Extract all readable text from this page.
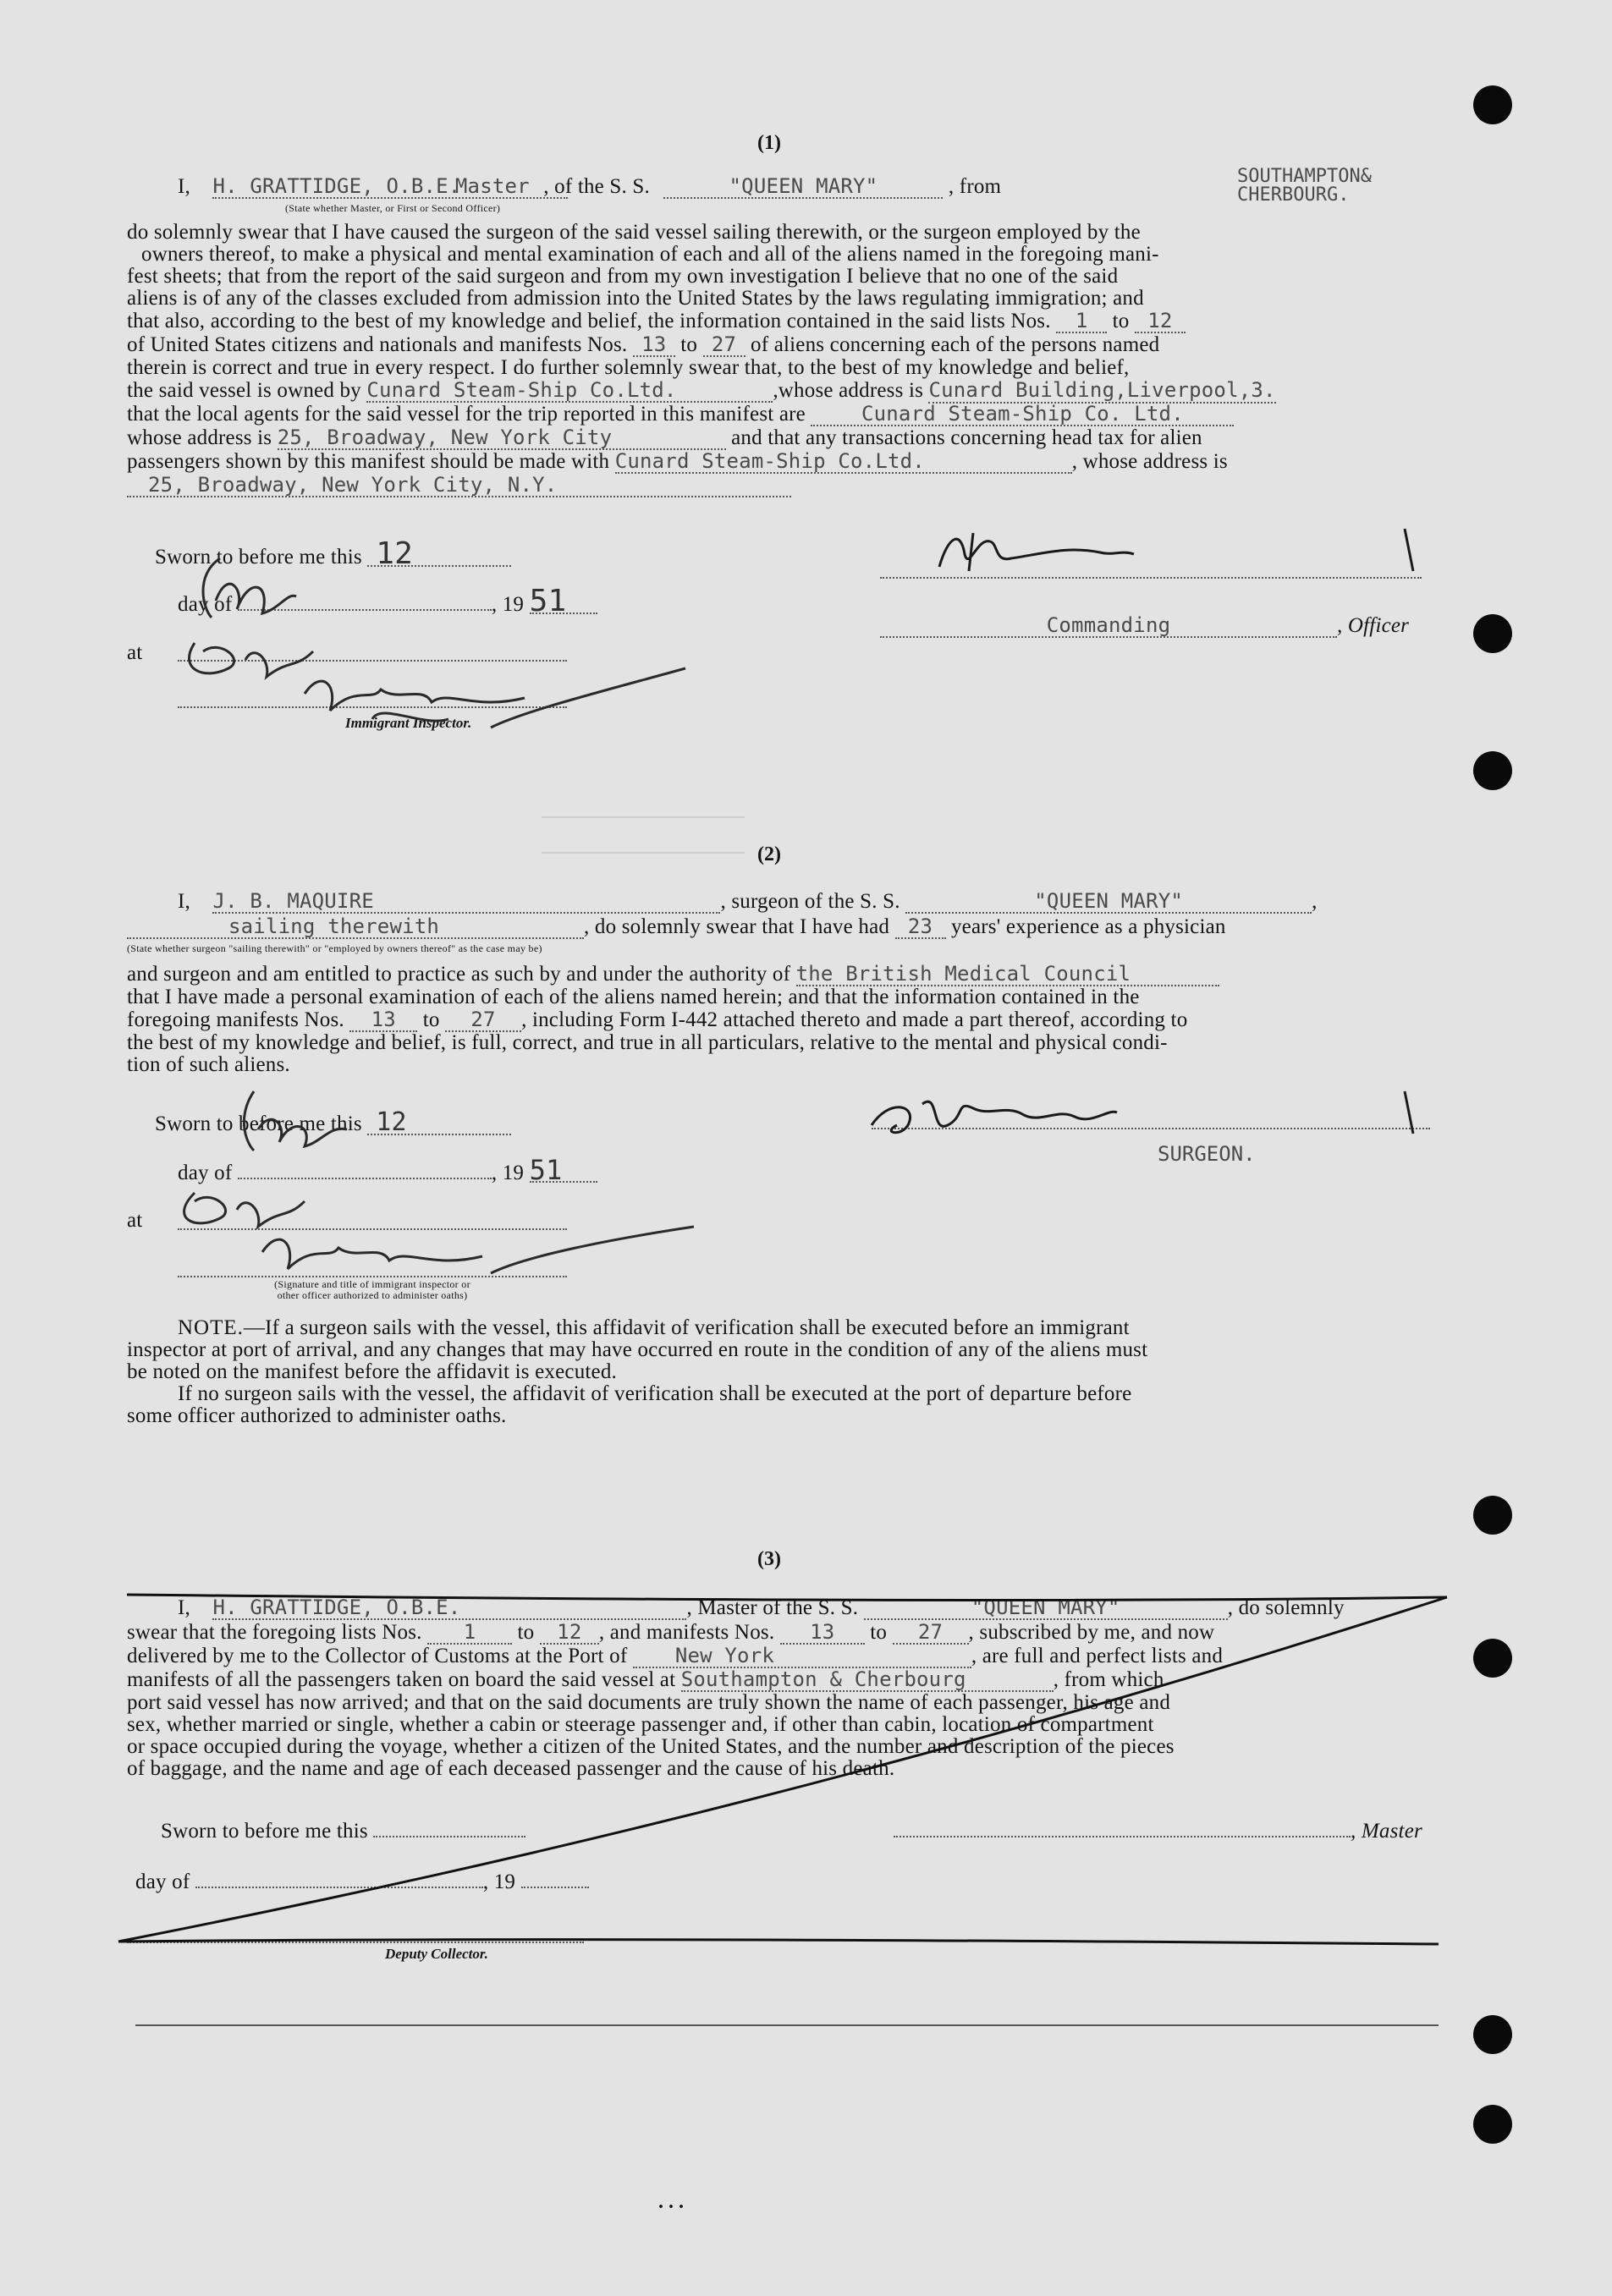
(1)
I, H. GRATTIDGE, O.B.E. Master , of the S. S.	"QUEEN MARY"	, from	SOUTHAMPTON& CHERBOURG.
(State whether Master, or First or Second Officer)
do solemnly swear that I have caused the surgeon of the said vessel sailing therewith, or the surgeon employed by the
owners thereof, to make a physical and mental examination of each and all of the aliens named in the foregoing mani-
fest sheets; that from the report of the said surgeon and from my own investigation I believe that no one of the said
aliens is of any of the classes excluded from admission into the United States by the laws regulating immigration; and
that also, according to the best of my knowledge and belief, the information contained in the said lists Nos. 1 to 12
of United States citizens and nationals and manifests Nos. 13 to 27 of aliens concerning each of the persons named
therein is correct and true in every respect. I do further solemnly swear that, to the best of my knowledge and belief,
the said vessel is owned by Cunard Steam-Ship Co.Ltd.	,whose address is Cunard Building,Liverpool,3.
that the local agents for the said vessel for the trip reported in this manifest are	Cunard Steam-Ship Co. Ltd.
whose address is 25, Broadway, New York City	and that any transactions concerning head tax for alien
passengers shown by this manifest should be made with Cunard Steam-Ship Co.Ltd.	, whose address is
25, Broadway, New York City, N.Y.
Sworn to before me this 12
day of	, 19 51
at
Immigrant Inspector.
Commanding	, Officer
(2)
I, J. B. MAQUIRE	, surgeon of the S. S.	"QUEEN MARY"	,
sailing therewith	, do solemnly swear that I have had 23 years' experience as a physician
(State whether surgeon "sailing therewith" or "employed by owners thereof" as the case may be)
and surgeon and am entitled to practice as such by and under the authority of the British Medical Council
that I have made a personal examination of each of the aliens named herein; and that the information contained in the
foregoing manifests Nos. 13 to 27 , including Form I-442 attached thereto and made a part thereof, according to
the best of my knowledge and belief, is full, correct, and true in all particulars, relative to the mental and physical condi-
tion of such aliens.
Sworn to before me this 12
day of	, 19 51
at
(Signature and title of immigrant inspector or
other officer authorized to administer oaths)
SURGEON.
NOTE.—If a surgeon sails with the vessel, this affidavit of verification shall be executed before an immigrant
inspector at port of arrival, and any changes that may have occurred en route in the condition of any of the aliens must
be noted on the manifest before the affidavit is executed.
If no surgeon sails with the vessel, the affidavit of verification shall be executed at the port of departure before
some officer authorized to administer oaths.
(3)
I, H. GRATTIDGE, O.B.E.	, Master of the S. S.	"QUEEN MARY"	, do solemnly
swear that the foregoing lists Nos. 1 to 12 , and manifests Nos. 13 to 27 , subscribed by me, and now
delivered by me to the Collector of Customs at the Port of New York	, are full and perfect lists and
manifests of all the passengers taken on board the said vessel at Southampton & Cherbourg	, from which
port said vessel has now arrived; and that on the said documents are truly shown the name of each passenger, his age and
sex, whether married or single, whether a cabin or steerage passenger and, if other than cabin, location of compartment
or space occupied during the voyage, whether a citizen of the United States, and the number and description of the pieces
of baggage, and the name and age of each deceased passenger and the cause of his death.
Sworn to before me this	, Master
day of	, 19
Deputy Collector.
. . .
